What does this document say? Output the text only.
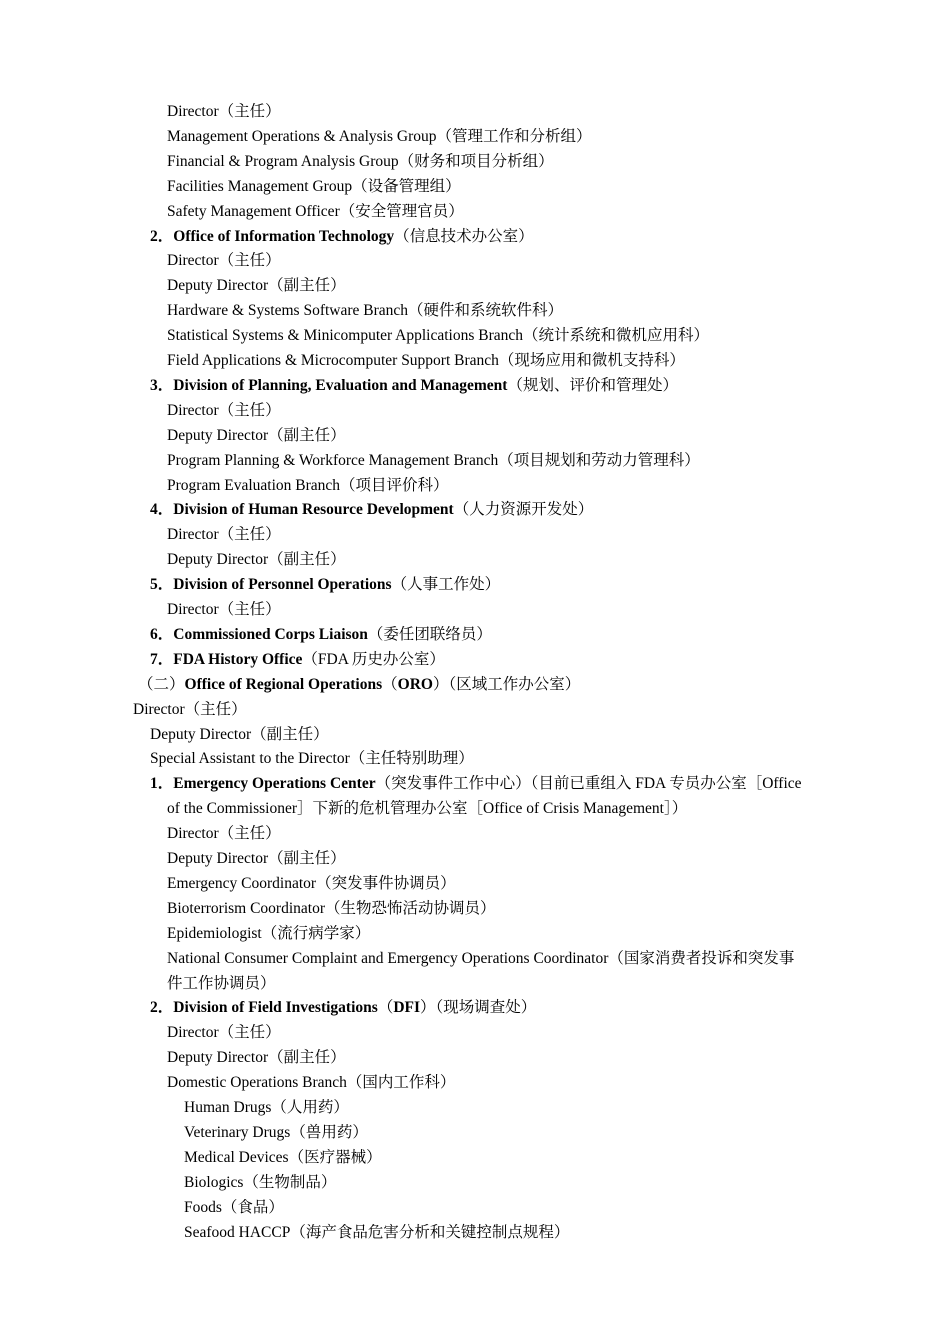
Director（主任）
Management Operations & Analysis Group（管理工作和分析组）
Financial & Program Analysis Group（财务和项目分析组）
Facilities Management Group（设备管理组）
Safety Management Officer（安全管理官员）
2．Office of Information Technology（信息技术办公室）
Director（主任）
Deputy Director（副主任）
Hardware & Systems Software Branch（硬件和系统软件科）
Statistical Systems & Minicomputer Applications Branch（统计系统和微机应用科）
Field Applications & Microcomputer Support Branch（现场应用和微机支持科）
3．Division of Planning, Evaluation and Management（规划、评价和管理处）
Director（主任）
Deputy Director（副主任）
Program Planning & Workforce Management Branch（项目规划和劳动力管理科）
Program Evaluation Branch（项目评价科）
4．Division of Human Resource Development（人力资源开发处）
Director（主任）
Deputy Director（副主任）
5．Division of Personnel Operations（人事工作处）
Director（主任）
6．Commissioned Corps Liaison（委任团联络员）
7．FDA History Office（FDA 历史办公室）
（二）Office of Regional Operations（ORO）（区域工作办公室）
Director（主任）
Deputy Director（副主任）
Special Assistant to the Director（主任特别助理）
1．Emergency Operations Center（突发事件工作中心）（目前已重组入 FDA 专员办公室［Office
of the Commissioner］下新的危机管理办公室［Office of Crisis Management］）
Director（主任）
Deputy Director（副主任）
Emergency Coordinator（突发事件协调员）
Bioterrorism Coordinator（生物恐怖活动协调员）
Epidemiologist（流行病学家）
National Consumer Complaint and Emergency Operations Coordinator（国家消费者投诉和突发事
件工作协调员）
2．Division of Field Investigations（DFI）（现场调查处）
Director（主任）
Deputy Director（副主任）
Domestic Operations Branch（国内工作科）
Human Drugs（人用药）
Veterinary Drugs（兽用药）
Medical Devices（医疗器械）
Biologics（生物制品）
Foods（食品）
Seafood HACCP（海产食品危害分析和关键控制点规程）
